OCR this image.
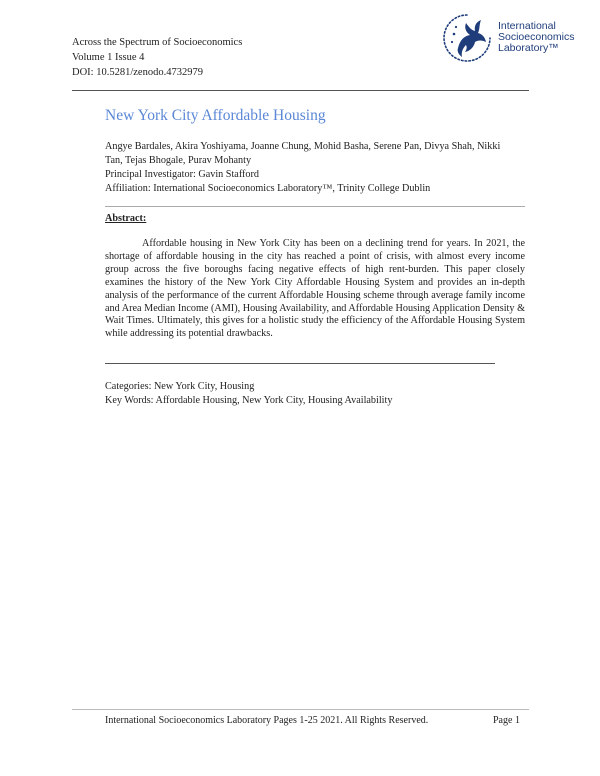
Across the Spectrum of Socioeconomics
Volume 1 Issue 4
DOI: 10.5281/zenodo.4732979
International
Socioeconomics
Laboratory™
New York City Affordable Housing
Angye Bardales, Akira Yoshiyama, Joanne Chung, Mohid Basha, Serene Pan, Divya Shah, Nikki
Tan, Tejas Bhogale, Purav Mohanty
Principal Investigator: Gavin Stafford
Affiliation: International Socioeconomics Laboratory™, Trinity College Dublin
Abstract:
Affordable housing in New York City has been on a declining trend for years. In 2021, the shortage of affordable housing in the city has reached a point of crisis, with almost every income group across the five boroughs facing negative effects of high rent-burden. This paper closely examines the history of the New York City Affordable Housing System and provides an in-depth analysis of the performance of the current Affordable Housing scheme through average family income and Area Median Income (AMI), Housing Availability, and Affordable Housing Application Density & Wait Times. Ultimately, this gives for a holistic study the efficiency of the Affordable Housing System while addressing its potential drawbacks.
Categories: New York City, Housing
Key Words: Affordable Housing, New York City, Housing Availability
International Socioeconomics Laboratory Pages 1-25 2021. All Rights Reserved.	Page 1
